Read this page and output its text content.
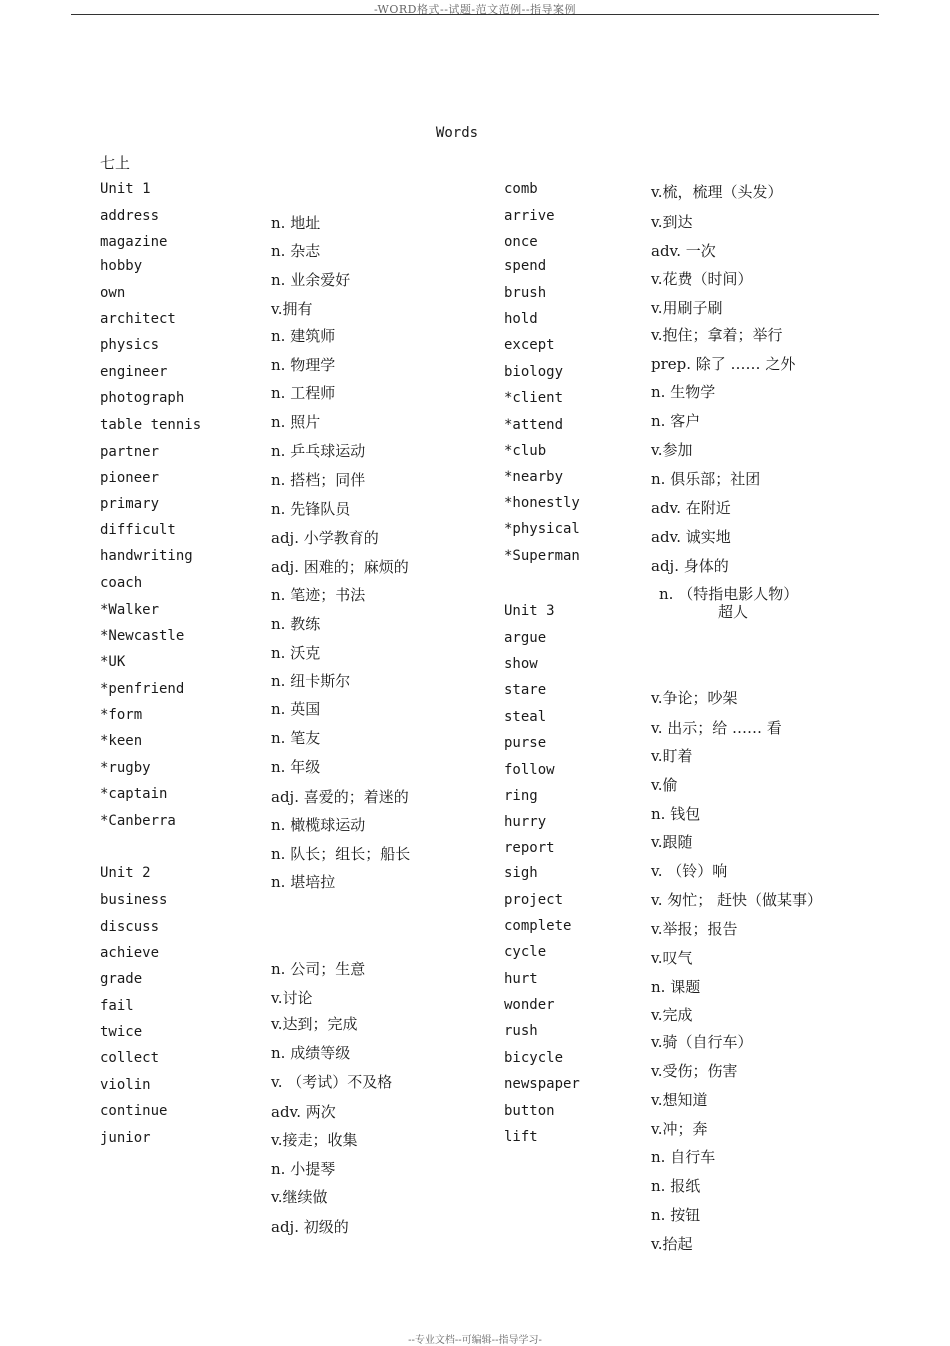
-WORD格式--试题-范文范例--指导案例
Words
七上
Unit 1
address
magazine
hobby
own
architect
physics
engineer
photograph
table tennis
partner
pioneer
primary
difficult
handwriting
coach
*Walker
*Newcastle
*UK
*penfriend
*form
*keen
*rugby
*captain
*Canberra
Unit 2
business
discuss
achieve
grade
fail
twice
collect
violin
continue
junior
n. 地址
n. 杂志
n. 业余爱好
v.拥有
n. 建筑师
n. 物理学
n. 工程师
n. 照片
n. 乒乓球运动
n. 搭档；同伴
n. 先锋队员
adj. 小学教育的
adj. 困难的；麻烦的
n. 笔迹；书法
n. 教练
n. 沃克
n. 纽卡斯尔
n. 英国
n. 笔友
n. 年级
adj. 喜爱的；着迷的
n. 橄榄球运动
n. 队长；组长；船长
n. 堪培拉
n. 公司；生意
v.讨论
v.达到；完成
n. 成绩等级
v. （考试）不及格
adv. 两次
v.接走；收集
n. 小提琴
v.继续做
adj. 初级的
comb
arrive
once
spend
brush
hold
except
biology
*client
*attend
*club
*nearby
*honestly
*physical
*Superman
Unit 3
argue
show
stare
steal
purse
follow
ring
hurry
report
sigh
project
complete
cycle
hurt
wonder
rush
bicycle
newspaper
button
lift
v.梳，梳理（头发）
v.到达
adv. 一次
v.花费（时间）
v.用刷子刷
v.抱住；拿着；举行
prep. 除了 …… 之外
n. 生物学
n. 客户
v.参加
n. 俱乐部；社团
adv. 在附近
adv. 诚实地
adj. 身体的
n. （特指电影人物）
超人
v.争论；吵架
v. 出示；给 …… 看
v.盯着
v.偷
n. 钱包
v.跟随
v. （铃）响
v. 匆忙； 赶快（做某事）
v.举报；报告
v.叹气
n. 课题
v.完成
v.骑（自行车）
v.受伤；伤害
v.想知道
v.冲；奔
n. 自行车
n. 报纸
n. 按钮
v.抬起
--专业文档--可编辑--指导学习-
